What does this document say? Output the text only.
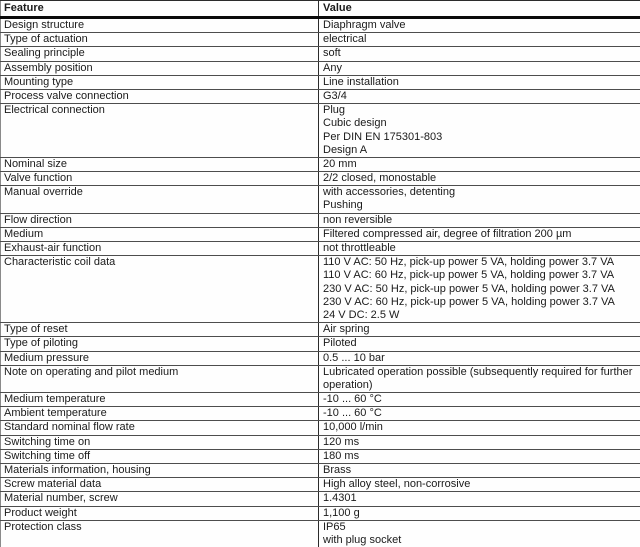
Feature	Value

Design structure	Diaphragm valve

Type of actuation	electrical

Sealing principle	soft

Assembly position	Any

Mounting type	Line installation

Process valve connection	G3/4

Electrical connection	Plug
Cubic design
Per DIN EN 175301-803
Design A

Nominal size	20 mm

Valve function	2/2 closed, monostable

Manual override	with accessories, detenting
Pushing

Flow direction	non reversible

Medium	Filtered compressed air, degree of filtration 200 µm

Exhaust-air function	not throttleable

Characteristic coil data	110 V AC: 50 Hz, pick-up power 5 VA, holding power 3.7 VA
110 V AC: 60 Hz, pick-up power 5 VA, holding power 3.7 VA
230 V AC: 50 Hz, pick-up power 5 VA, holding power 3.7 VA
230 V AC: 60 Hz, pick-up power 5 VA, holding power 3.7 VA
24 V DC: 2.5 W

Type of reset	Air spring

Type of piloting	Piloted

Medium pressure	0.5 ... 10 bar

Note on operating and pilot medium	Lubricated operation possible (subsequently required for further
operation)

Medium temperature	-10 ... 60 °C

Ambient temperature	-10 ... 60 °C

Standard nominal flow rate	10,000 l/min

Switching time on	120 ms

Switching time off	180 ms

Materials information, housing	Brass

Screw material data	High alloy steel, non-corrosive

Material number, screw	1.4301

Product weight	1,100 g

Protection class	IP65
with plug socket
